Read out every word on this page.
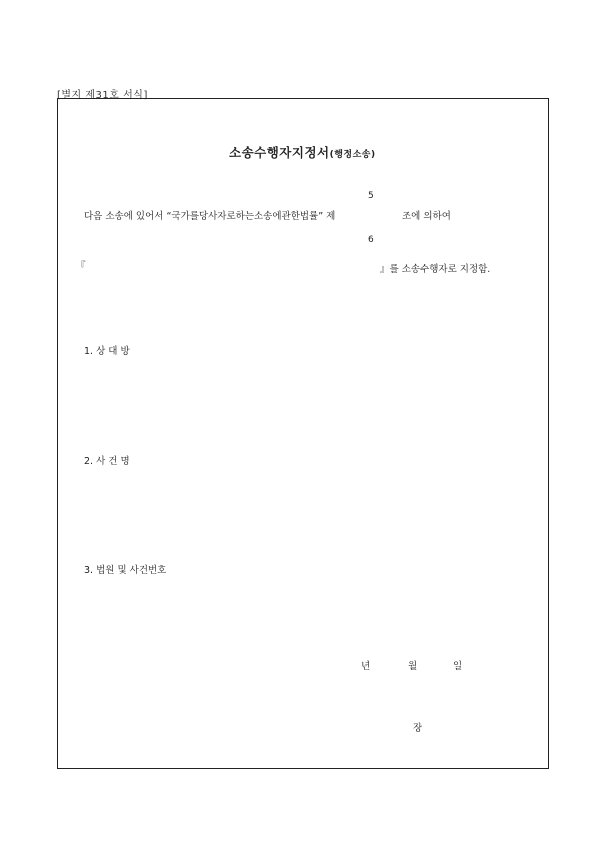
[별지 제31호 서식]
소송수행자지정서(행정소송)
5
다음 소송에 있어서 “국가를당사자로하는소송에관한법률” 제	조에 의하여
6
『	』를 소송수행자로 지정함.
1. 상 대 방
2. 사 건 명
3. 법원 및 사건번호
년	월	일
장
